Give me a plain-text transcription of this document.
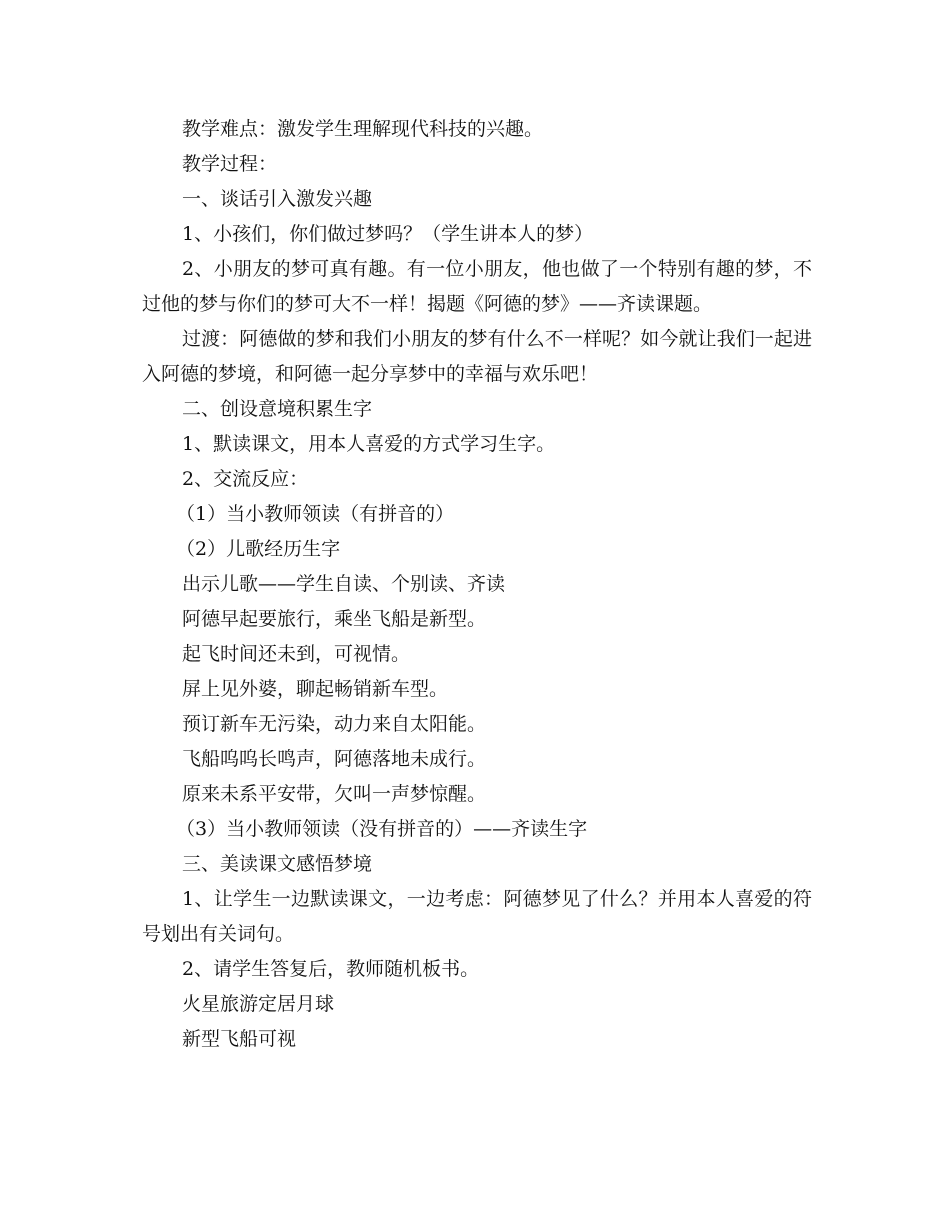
教学难点：激发学生理解现代科技的兴趣。

教学过程：

一、谈话引入激发兴趣

1、小孩们，你们做过梦吗？（学生讲本人的梦）

2、小朋友的梦可真有趣。有一位小朋友，他也做了一个特别有趣的梦，不过他的梦与你们的梦可大不一样！揭题《阿德的梦》——齐读课题。

过渡：阿德做的梦和我们小朋友的梦有什么不一样呢？如今就让我们一起进入阿德的梦境，和阿德一起分享梦中的幸福与欢乐吧！

二、创设意境积累生字

1、默读课文，用本人喜爱的方式学习生字。

2、交流反应：

（1）当小教师领读（有拼音的）

（2）儿歌经历生字

出示儿歌——学生自读、个别读、齐读

阿德早起要旅行，乘坐飞船是新型。

起飞时间还未到，可视情。

屏上见外婆，聊起畅销新车型。

预订新车无污染，动力来自太阳能。

飞船呜呜长鸣声，阿德落地未成行。

原来未系平安带，欠叫一声梦惊醒。

（3）当小教师领读（没有拼音的）——齐读生字

三、美读课文感悟梦境

1、让学生一边默读课文，一边考虑：阿德梦见了什么？并用本人喜爱的符号划出有关词句。

2、请学生答复后，教师随机板书。

火星旅游定居月球

新型飞船可视
